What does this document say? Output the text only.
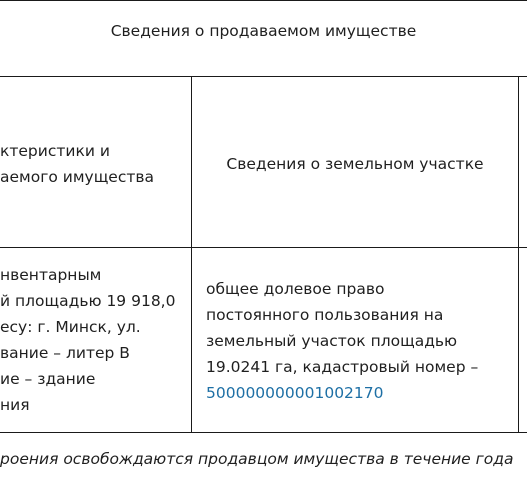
Сведения о продаваемом имуществе
ктеристики и
аемого имущества
Сведения о земельном участке
нвентарным
й площадью 19 918,0
есу: г. Минск, ул.
вание – литер В
ие – здание
ния
общее долевое право
постоянного пользования на
земельный участок площадью
19.0241 га, кадастровый номер –
500000000001002170
роения освобождаются продавцом имущества в течение года
